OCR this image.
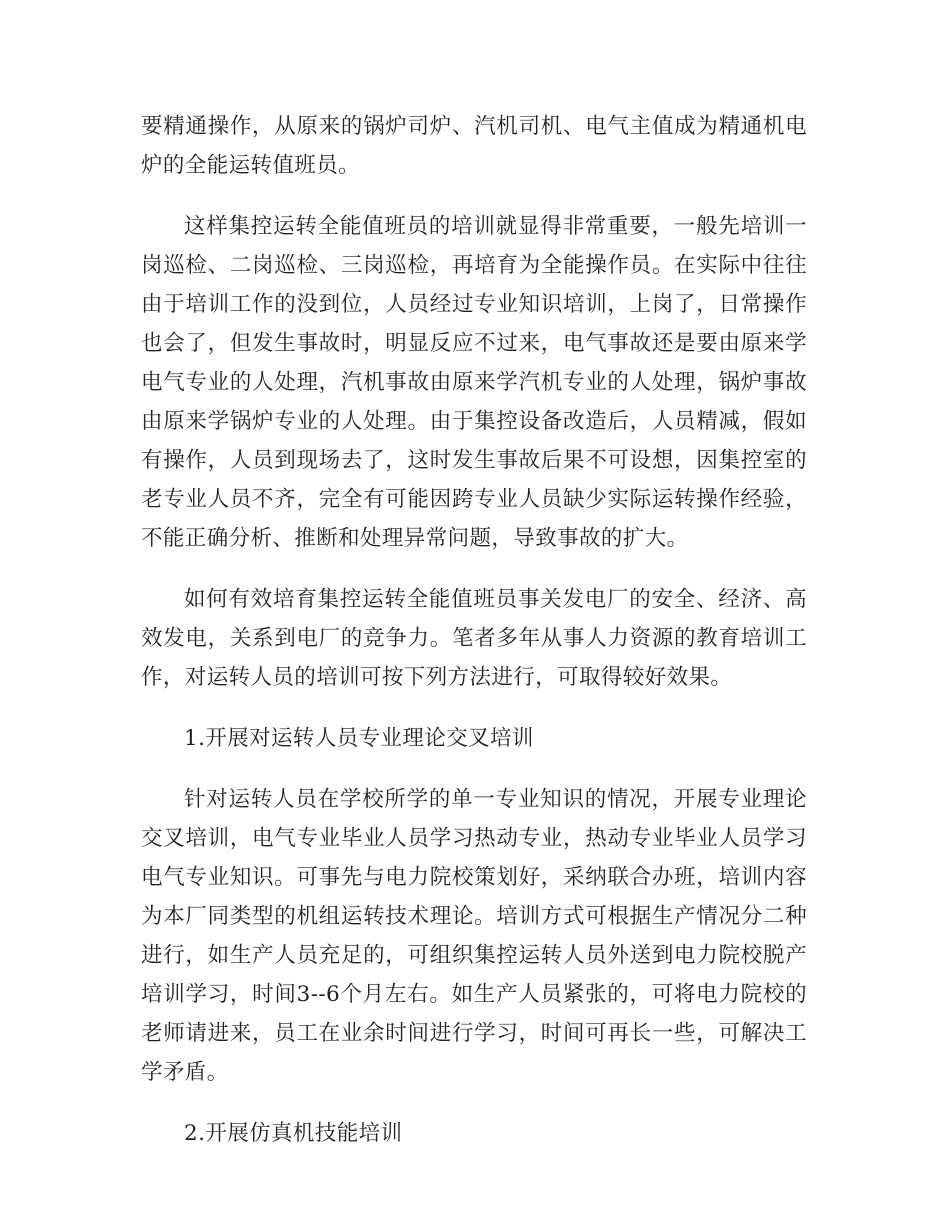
要精通操作，从原来的锅炉司炉、汽机司机、电气主值成为精通机电炉的全能运转值班员。

这样集控运转全能值班员的培训就显得非常重要，一般先培训一岗巡检、二岗巡检、三岗巡检，再培育为全能操作员。在实际中往往由于培训工作的没到位，人员经过专业知识培训，上岗了，日常操作也会了，但发生事故时，明显反应不过来，电气事故还是要由原来学电气专业的人处理，汽机事故由原来学汽机专业的人处理，锅炉事故由原来学锅炉专业的人处理。由于集控设备改造后，人员精减，假如有操作，人员到现场去了，这时发生事故后果不可设想，因集控室的老专业人员不齐，完全有可能因跨专业人员缺少实际运转操作经验，不能正确分析、推断和处理异常问题，导致事故的扩大。

如何有效培育集控运转全能值班员事关发电厂的安全、经济、高效发电，关系到电厂的竞争力。笔者多年从事人力资源的教育培训工作，对运转人员的培训可按下列方法进行，可取得较好效果。

1.开展对运转人员专业理论交叉培训

针对运转人员在学校所学的单一专业知识的情况，开展专业理论交叉培训，电气专业毕业人员学习热动专业，热动专业毕业人员学习电气专业知识。可事先与电力院校策划好，采纳联合办班，培训内容为本厂同类型的机组运转技术理论。培训方式可根据生产情况分二种进行，如生产人员充足的，可组织集控运转人员外送到电力院校脱产培训学习，时间3--6个月左右。如生产人员紧张的，可将电力院校的老师请进来，员工在业余时间进行学习，时间可再长一些，可解决工学矛盾。

2.开展仿真机技能培训
